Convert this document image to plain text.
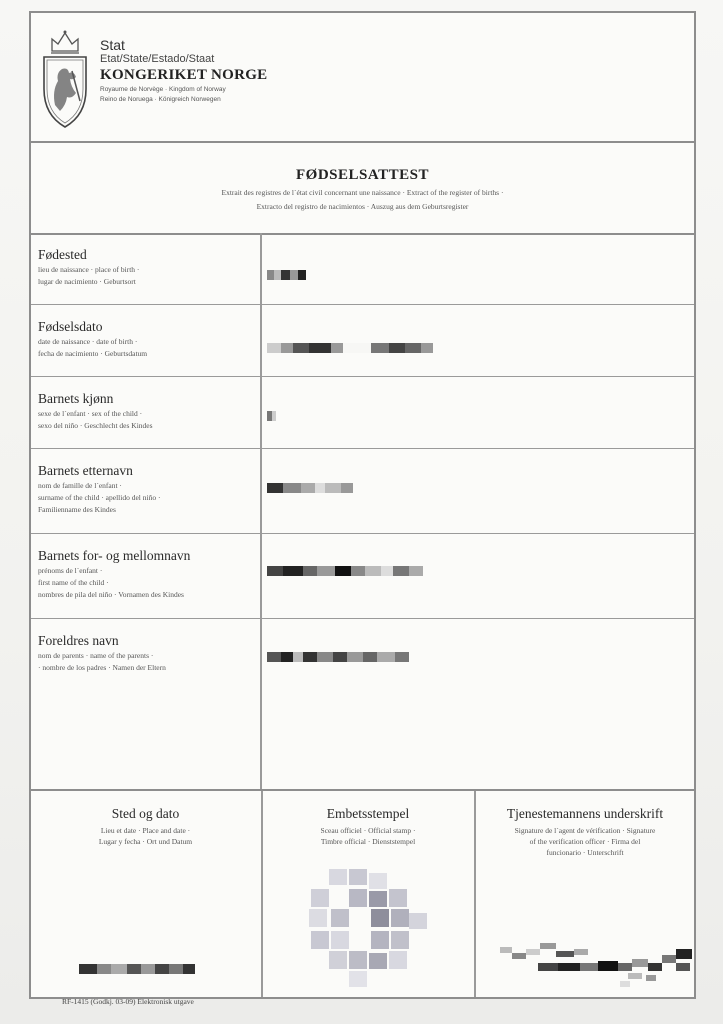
Stat
Etat/State/Estado/Staat
KONGERIKET NORGE
Royaume de Norvège · Kingdom of Norway
Reino de Noruega · Königreich Norwegen
FØDSELSATTEST
Extrait des registres de l´état civil concernant une naissance · Extract of the register of births ·
Extracto del registro de nacimientos · Auszug aus dem Geburtsregister
Fødested
lieu de naissance · place of birth ·
lugar de nacimiento · Geburtsort
Fødselsdato
date de naissance · date of birth ·
fecha de nacimiento · Geburtsdatum
Barnets kjønn
sexe de l´enfant · sex of the child ·
sexo del niño · Geschlecht des Kindes
Barnets etternavn
nom de famille de l´enfant ·
surname of the child · apellido del niño ·
Familienname des Kindes
Barnets for- og mellomnavn
prénoms de l´enfant ·
first name of the child ·
nombres de pila del niño · Vornamen des Kindes
Foreldres navn
nom de parents · name of the parents ·
· nombre de los padres · Namen der Eltern
Sted og dato
Lieu et date · Place and date ·
Lugar y fecha · Ort und Datum
Embetsstempel
Sceau officiel · Official stamp ·
Timbre official · Dienststempel
Tjenestemannens underskrift
Signature de l´agent de vérification · Signature
of the verification officer · Firma del
funcionario · Unterschrift
RF-1415 (Godkj. 03-09) Elektronisk utgave
